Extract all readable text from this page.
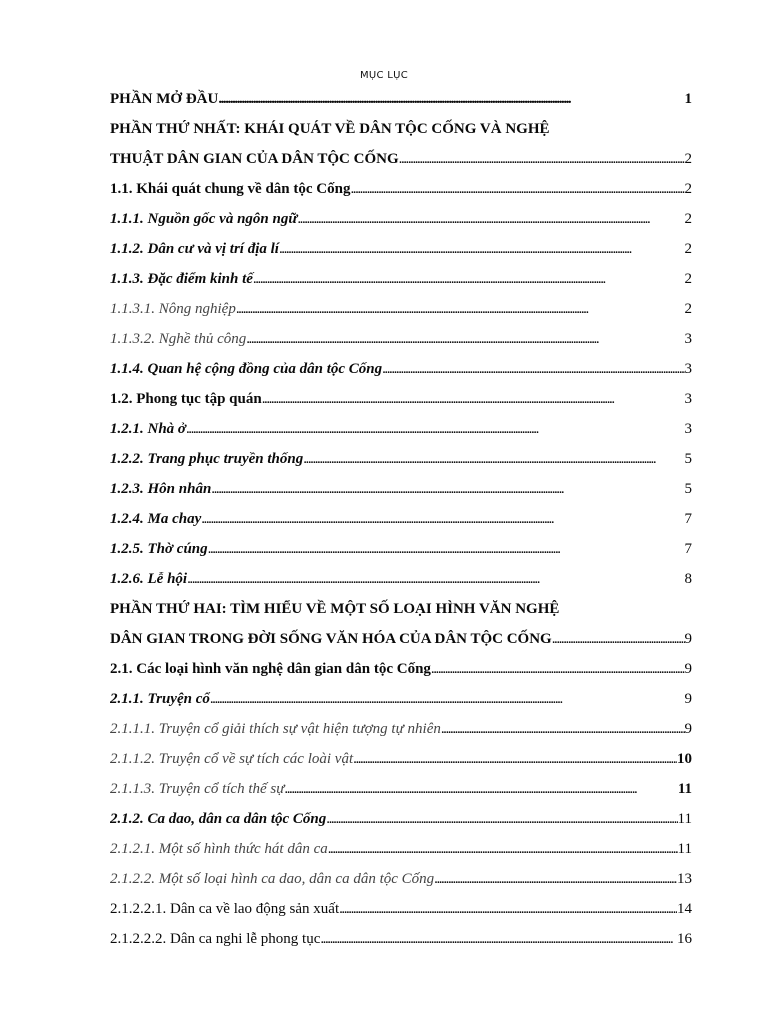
MỤC LỤC
PHẦN MỞ ĐẦU . . .	1
PHẦN THỨ NHẤT: KHÁI QUÁT VỀ DÂN TỘC CỐNG VÀ NGHỆ
THUẬT DÂN GIAN CỦA DÂN TỘC CỐNG . . .	2
1.1. Khái quát chung về dân tộc Cống . . .	2
1.1.1. Nguồn gốc và ngôn ngữ . . .	2
1.1.2. Dân cư và vị trí địa lí . . .	2
1.1.3. Đặc điểm kinh tế . . .	2
1.1.3.1. Nông nghiệp . . .	2
1.1.3.2. Nghề thủ công . . .	3
1.1.4. Quan hệ cộng đồng của dân tộc Cống . . .	3
1.2. Phong tục tập quán . . .	3
1.2.1. Nhà ở . . .	3
1.2.2. Trang phục truyền thống . . .	5
1.2.3. Hôn nhân . . .	5
1.2.4. Ma chay . . .	7
1.2.5. Thờ cúng . . .	7
1.2.6. Lễ hội . . .	8
PHẦN THỨ HAI: TÌM HIỂU VỀ MỘT SỐ LOẠI HÌNH VĂN NGHỆ
DÂN GIAN TRONG ĐỜI SỐNG VĂN HÓA CỦA DÂN TỘC CỐNG . . .	9
2.1. Các loại hình văn nghệ dân gian dân tộc Cống . . .	9
2.1.1. Truyện cổ . . .	9
2.1.1.1. Truyện cổ giải thích sự vật hiện tượng tự nhiên . . .	9
2.1.1.2. Truyện cổ về sự tích các loài vật . . .	10
2.1.1.3. Truyện cổ tích thế sự . . .	11
2.1.2. Ca dao, dân ca dân tộc Cống . . .	11
2.1.2.1. Một số hình thức hát dân ca . . .	11
2.1.2.2. Một số loại hình ca dao, dân ca dân tộc Cống . . .	13
2.1.2.2.1. Dân ca về lao động sản xuất . . .	14
2.1.2.2.2. Dân ca nghi lễ phong tục . . .	16
